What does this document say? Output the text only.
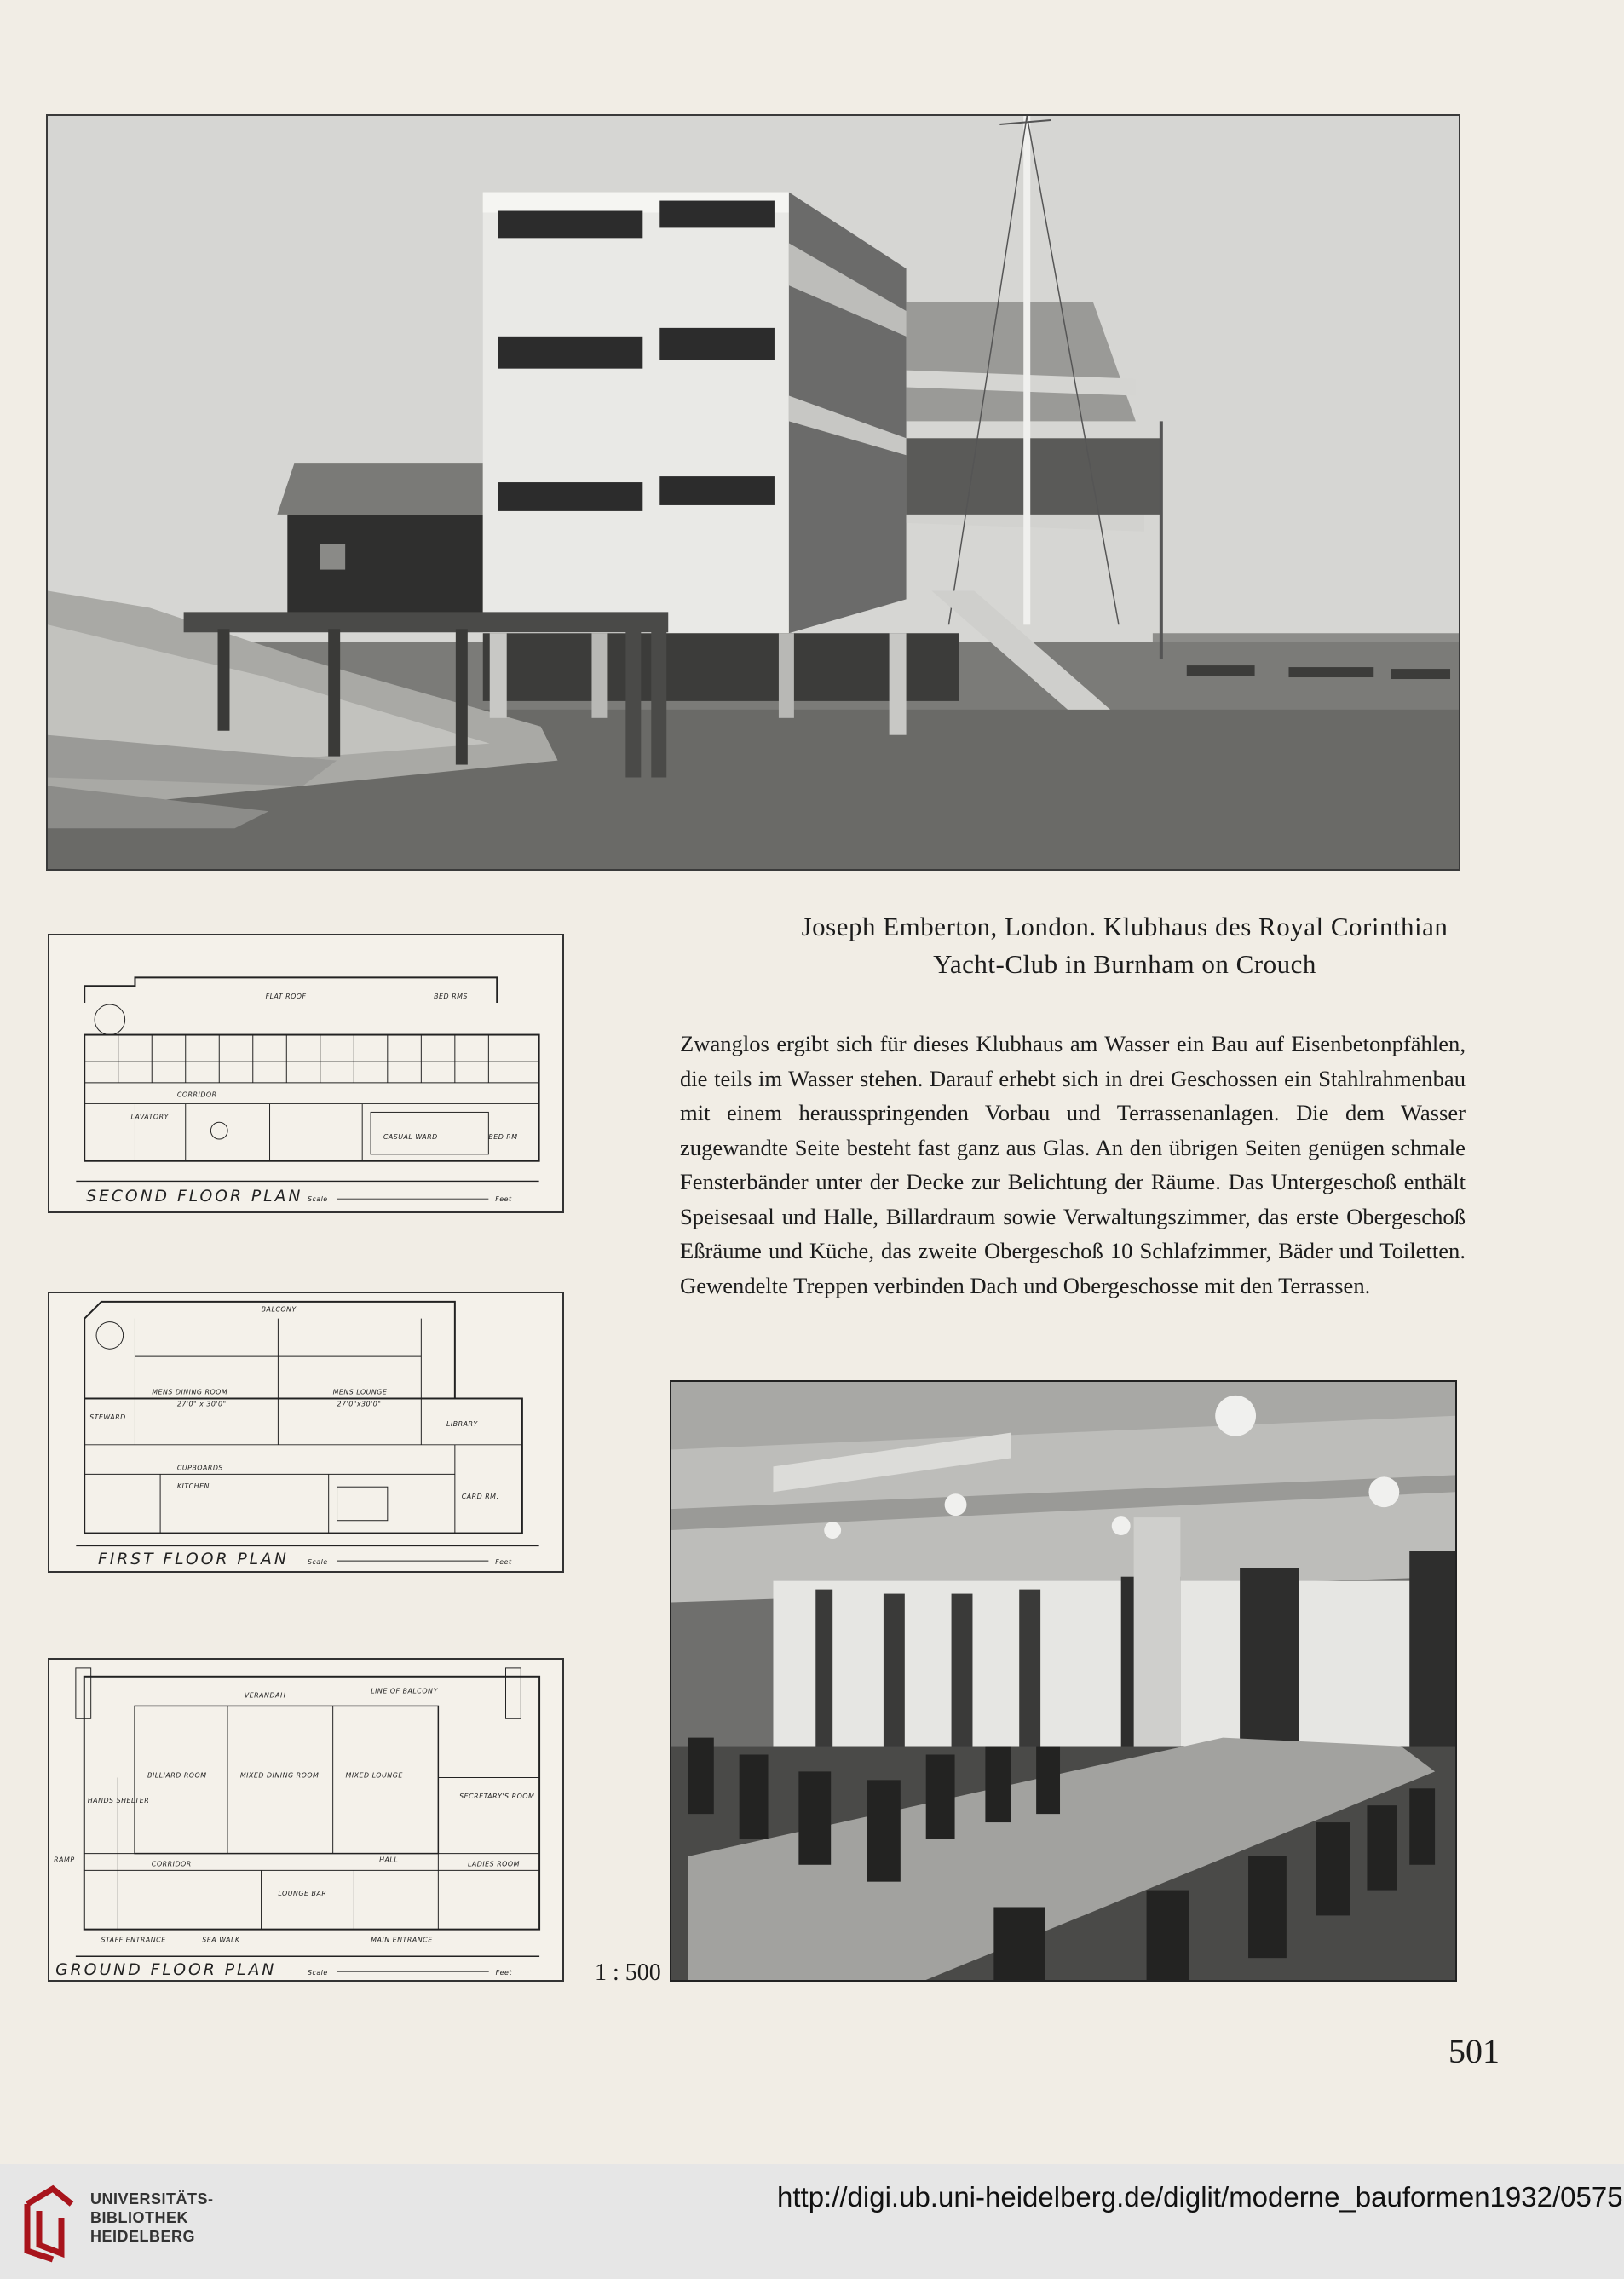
Joseph Emberton, London. Klubhaus des Royal Corinthian
Yacht-Club in Burnham on Crouch
Zwanglos ergibt sich für dieses Klubhaus am Wasser ein Bau auf Eisenbetonpfählen, die teils im Wasser stehen. Darauf erhebt sich in drei Geschossen ein Stahlrahmenbau mit einem herausspringenden Vorbau und Terrassenanlagen. Die dem Wasser zugewandte Seite besteht fast ganz aus Glas. An den übrigen Seiten genügen schmale Fensterbänder unter der Decke zur Belichtung der Räume. Das Untergeschoß enthält Speisesaal und Halle, Billardraum sowie Verwaltungszimmer, das erste Obergeschoß Eßräume und Küche, das zweite Obergeschoß 10 Schlafzimmer, Bäder und Toiletten. Gewendelte Treppen verbinden Dach und Obergeschosse mit den Terrassen.
FLAT ROOF	BED RMS
CORRIDOR
LAVATORY
CASUAL WARD	BED RM
SECOND FLOOR PLAN Scale	Feet
BALCONY
MENS DINING ROOM
27'0" x 30'0"
MENS LOUNGE
27'0"x30'0"
STEWARD
LIBRARY
CUPBOARDS
KITCHEN
CARD RM.
FIRST FLOOR PLAN	Scale	Feet
VERANDAH
LINE OF BALCONY
BILLIARD ROOM	MIXED DINING ROOM	MIXED LOUNGE
SECRETARY'S ROOM
HANDS SHELTER
CORRIDOR	LADIES ROOM
HALL
LOUNGE BAR
RAMP
STAFF ENTRANCE	SEA WALK	MAIN ENTRANCE
GROUND FLOOR PLAN	Scale	Feet	1 : 500
501
UNIVERSITÄTS-
BIBLIOTHEK
HEIDELBERG
http://digi.ub.uni-heidelberg.de/diglit/moderne_bauformen1932/0575
